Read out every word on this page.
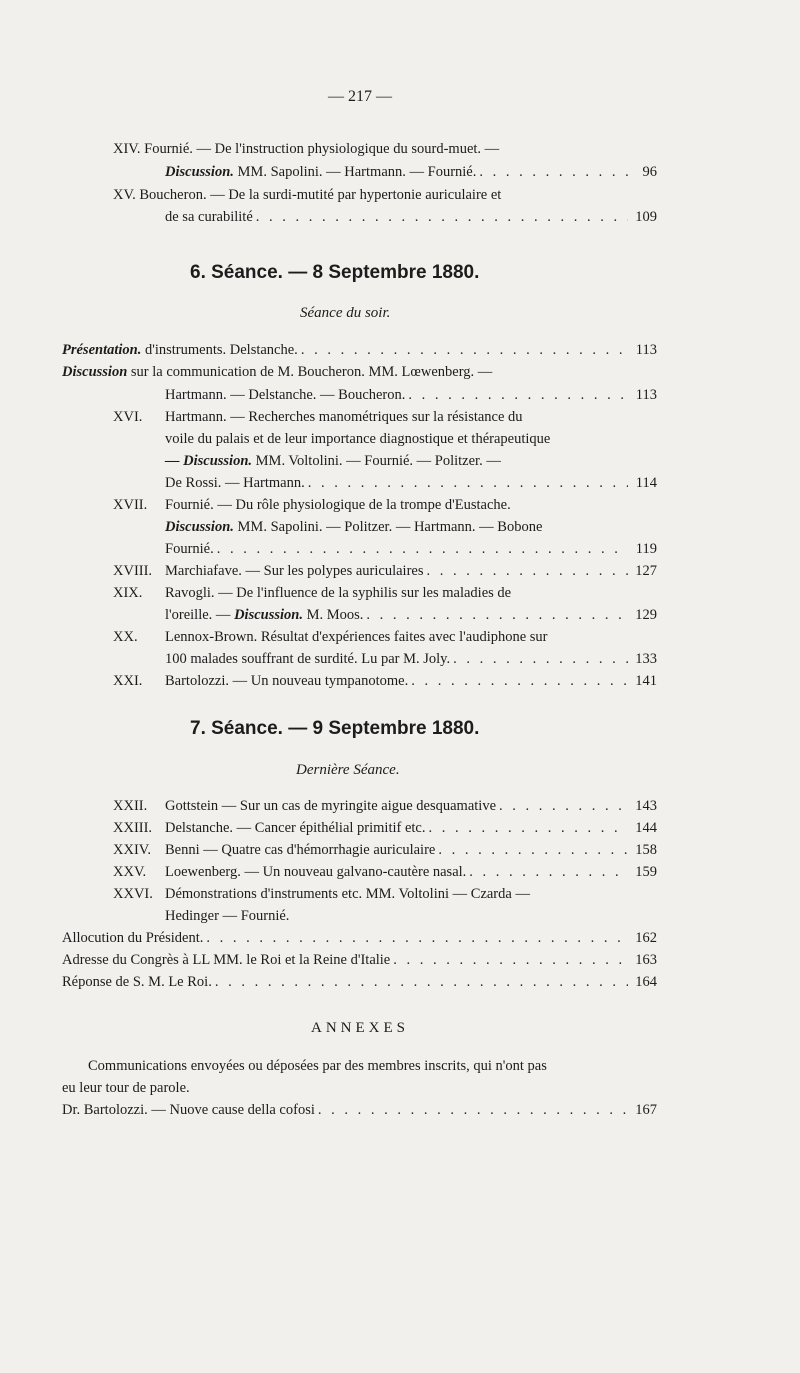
— 217 —
XIV. Fournié. — De l'instruction physiologique du sourd-muet. —
Discussion. MM. Sapolini. — Hartmann. — Fournié. . . .	96
XV. Boucheron. — De la surdi-mutité par hypertonie auriculaire et
de sa curabilité . . .	109
6. Séance. — 8 Septembre 1880.
Séance du soir.
Présentation. d'instruments. Delstanche. . . .	113
Discussion sur la communication de M. Boucheron. MM. Lœwenberg. —
Hartmann. — Delstanche. — Boucheron. . . .	113
XVI. Hartmann. — Recherches manométriques sur la résistance du
voile du palais et de leur importance diagnostique et thérapeutique
— Discussion. MM. Voltolini. — Fournié. — Politzer. —
De Rossi. — Hartmann. . . .	114
XVII. Fournié. — Du rôle physiologique de la trompe d'Eustache.
Discussion. MM. Sapolini. — Politzer. — Hartmann. — Bobone
Fournié. . . .	119
XVIII. Marchiafave. — Sur les polypes auriculaires . . .	127
XIX. Ravogli. — De l'influence de la syphilis sur les maladies de
l'oreille. — Discussion. M. Moos. . . .	129
XX. Lennox-Brown. Résultat d'expériences faites avec l'audiphone sur
100 malades souffrant de surdité. Lu par M. Joly. . . .	133
XXI. Bartolozzi. — Un nouveau tympanotome. . . .	141
7. Séance. — 9 Septembre 1880.
Dernière Séance.
XXII. Gottstein — Sur un cas de myringite aigue desquamative . . .	143
XXIII. Delstanche. — Cancer épithélial primitif etc. . . .	144
XXIV. Benni — Quatre cas d'hémorrhagie auriculaire . . .	158
XXV. Loewenberg. — Un nouveau galvano-cautère nasal. . . .	159
XXVI. Démonstrations d'instruments etc. MM. Voltolini — Czarda —
Hedinger — Fournié.
Allocution du Président. . . .	162
Adresse du Congrès à LL MM. le Roi et la Reine d'Italie . . .	163
Réponse de S. M. Le Roi. . . .	164
ANNEXES
Communications envoyées ou déposées par des membres inscrits, qui n'ont pas
eu leur tour de parole.
Dr. Bartolozzi. — Nuove cause della cofosi . . .	167
